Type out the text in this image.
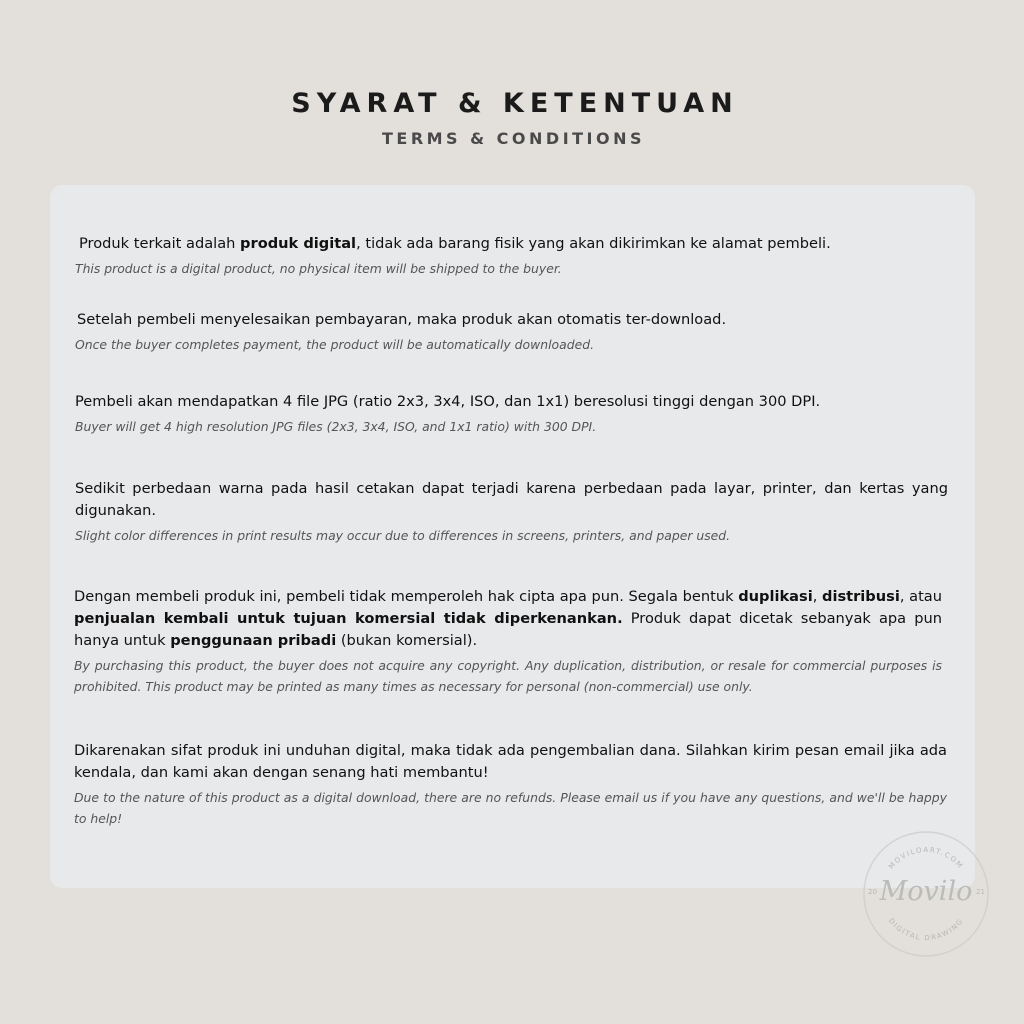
SYARAT & KETENTUAN
TERMS & CONDITIONS

Produk terkait adalah produk digital, tidak ada barang fisik yang akan dikirimkan ke alamat pembeli.

This product is a digital product, no physical item will be shipped to the buyer.

Setelah pembeli menyelesaikan pembayaran, maka produk akan otomatis ter-download.

Once the buyer completes payment, the product will be automatically downloaded.

Pembeli akan mendapatkan 4 file JPG (ratio 2x3, 3x4, ISO, dan 1x1) beresolusi tinggi dengan 300 DPI.

Buyer will get 4 high resolution JPG files (2x3, 3x4, ISO, and 1x1 ratio) with 300 DPI.

Sedikit perbedaan warna pada hasil cetakan dapat terjadi karena perbedaan pada layar, printer, dan kertas yang digunakan.

Slight color differences in print results may occur due to differences in screens, printers, and paper used.

Dengan membeli produk ini, pembeli tidak memperoleh hak cipta apa pun. Segala bentuk duplikasi, distribusi, atau penjualan kembali untuk tujuan komersial tidak diperkenankan. Produk dapat dicetak sebanyak apa pun hanya untuk penggunaan pribadi (bukan komersial).

By purchasing this product, the buyer does not acquire any copyright. Any duplication, distribution, or resale for commercial purposes is prohibited. This product may be printed as many times as necessary for personal (non-commercial) use only.

Dikarenakan sifat produk ini unduhan digital, maka tidak ada pengembalian dana. Silahkan kirim pesan email jika ada kendala, dan kami akan dengan senang hati membantu!

Due to the nature of this product as a digital download, there are no refunds. Please email us if you have any questions, and we'll be happy to help!

MOVILOART.COM
DIGITAL DRAWING
Movilo
20	21
